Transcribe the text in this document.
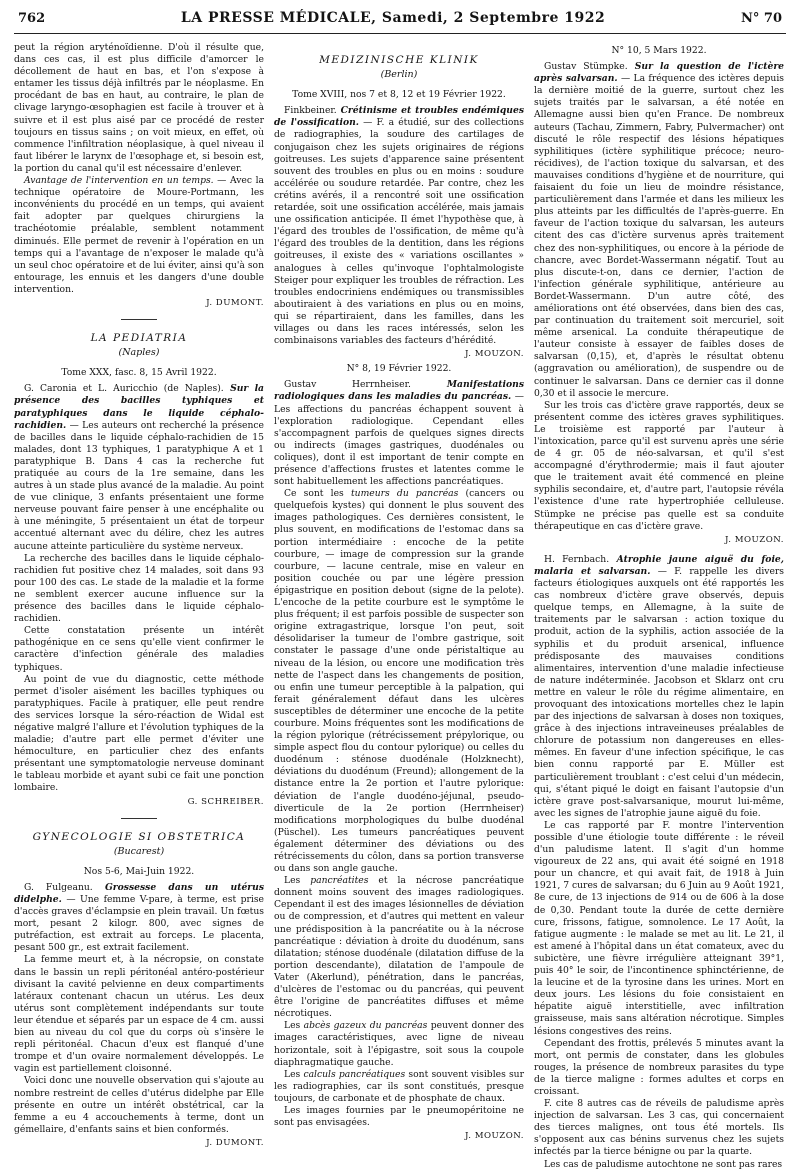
762	LA PRESSE MÉDICALE, Samedi, 2 Septembre 1922	N° 70

peut la région aryténoïdienne. D'où il résulte que, dans ces cas, il est plus difficile d'amorcer le décollement de haut en bas, et l'on s'expose à entamer les tissus déjà infiltrés par le néoplasme. En procédant de bas en haut, au contraire, le plan de clivage laryngo-œsophagien est facile à trouver et à suivre et il est plus aisé par ce procédé de rester toujours en tissus sains ; on voit mieux, en effet, où commence l'infiltration néoplasique, à quel niveau il faut libérer le larynx de l'œsophage et, si besoin est, la portion du canal qu'il est nécessaire d'enlever.

Avantage de l'intervention en un temps. — Avec la technique opératoire de Moure-Portmann, les inconvénients du procédé en un temps, qui avaient fait adopter par quelques chirurgiens la trachéotomie préalable, semblent notamment diminués. Elle permet de revenir à l'opération en un temps qui a l'avantage de n'exposer le malade qu'à un seul choc opératoire et de lui éviter, ainsi qu'à son entourage, les ennuis et les dangers d'une double intervention.

J. DUMONT.
LA PEDIATRIA
(Naples)
Tome XXX, fasc. 8, 15 Avril 1922.

G. Caronia et L. Auricchio (de Naples). Sur la présence des bacilles typhiques et paratyphiques dans le liquide céphalo-rachidien. — Les auteurs ont recherché la présence de bacilles dans le liquide céphalo-rachidien de 15 malades, dont 13 typhiques, 1 paratyphique A et 1 paratyphique B. Dans 4 cas la recherche fut pratiquée au cours de la 1re semaine, dans les autres à un stade plus avancé de la maladie. Au point de vue clinique, 3 enfants présentaient une forme nerveuse pouvant faire penser à une encéphalite ou à une méningite, 5 présentaient un état de torpeur accentué alternant avec du délire, chez les autres aucune atteinte particulière du système nerveux.

La recherche des bacilles dans le liquide céphalo-rachidien fut positive chez 14 malades, soit dans 93 pour 100 des cas. Le stade de la maladie et la forme ne semblent exercer aucune influence sur la présence des bacilles dans le liquide céphalo-rachidien.

Cette constatation présente un intérêt pathogénique en ce sens qu'elle vient confirmer le caractère d'infection générale des maladies typhiques.

Au point de vue du diagnostic, cette méthode permet d'isoler aisément les bacilles typhiques ou paratyphiques. Facile à pratiquer, elle peut rendre des services lorsque la séro-réaction de Widal est négative malgré l'allure et l'évolution typhiques de la maladie; d'autre part elle permet d'éviter une hémoculture, en particulier chez des enfants présentant une symptomatologie nerveuse dominant le tableau morbide et ayant subi ce fait une ponction lombaire.

G. SCHREIBER.
GYNECOLOGIE SI OBSTETRICA
(Bucarest)
Nos 5-6, Mai-Juin 1922.

G. Fulgeanu. Grossesse dans un utérus didelphe. — Une femme V-pare, à terme, est prise d'accès graves d'éclampsie en plein travail. Un fœtus mort, pesant 2 kilogr. 800, avec signes de putréfaction, est extrait au forceps. Le placenta, pesant 500 gr., est extrait facilement.

La femme meurt et, à la nécropsie, on constate dans le bassin un repli péritonéal antéro-postérieur divisant la cavité pelvienne en deux compartiments latéraux contenant chacun un utérus. Les deux utérus sont complètement indépendants sur toute leur étendue et séparés par un espace de 4 cm. aussi bien au niveau du col que du corps où s'insère le repli péritonéal. Chacun d'eux est flanqué d'une trompe et d'un ovaire normalement développés. Le vagin est partiellement cloisonné.

Voici donc une nouvelle observation qui s'ajoute au nombre restreint de celles d'utérus didelphe par Elle présente en outre un intérêt obstétrical, car la femme a eu 4 accouchements à terme, dont un gémellaire, d'enfants sains et bien conformés.

J. DUMONT.
MEDIZINISCHE KLINIK
(Berlin)
Tome XVIII, nos 7 et 8, 12 et 19 Février 1922.

Finkbeiner. Crétinisme et troubles endémiques de l'ossification. — F. a étudié, sur des collections de radiographies, la soudure des cartilages de conjugaison chez les sujets originaires de régions goitreuses. Les sujets d'apparence saine présentent souvent des troubles en plus ou en moins : soudure accélérée ou soudure retardée. Par contre, chez les crétins avérés, il a rencontré soit une ossification retardée, soit une ossification accélérée, mais jamais une ossification anticipée. Il émet l'hypothèse que, à l'égard des troubles de l'ossification, de même qu'à l'égard des troubles de la dentition, dans les régions goitreuses, il existe des « variations oscillantes » analogues à celles qu'invoque l'ophtalmologiste Steiger pour expliquer les troubles de réfraction. Les troubles endocriniens endémiques ou transmissibles aboutiraient à des variations en plus ou en moins, qui se répartiraient, dans les familles, dans les villages ou dans les races intéressés, selon les combinaisons variables des facteurs d'hérédité.

J. MOUZON.
N° 8, 19 Février 1922.

Gustav Herrnheiser. Manifestations radiologiques dans les maladies du pancréas. — Les affections du pancréas échappent souvent à l'exploration radiologique. Cependant elles s'accompagnent parfois de quelques signes directs ou indirects (images gastriques, duodénales ou coliques), dont il est important de tenir compte en présence d'affections frustes et latentes comme le sont habituellement les affections pancréatiques.

Ce sont les tumeurs du pancréas (cancers ou quelquefois kystes) qui donnent le plus souvent des images pathologiques. Ces dernières consistent, le plus souvent, en modifications de l'estomac dans sa portion intermédiaire : encoche de la petite courbure, — image de compression sur la grande courbure, — lacune centrale, mise en valeur en position couchée ou par une légère pression épigastrique en position debout (signe de la pelote). L'encoche de la petite courbure est le symptôme le plus fréquent; il est parfois possible de suspecter son origine extragastrique, lorsque l'on peut, soit désolidariser la tumeur de l'ombre gastrique, soit constater le passage d'une onde péristaltique au niveau de la lésion, ou encore une modification très nette de l'aspect dans les changements de position, ou enfin une tumeur perceptible à la palpation, qui ferait généralement défaut dans les ulcères susceptibles de déterminer une encoche de la petite courbure. Moins fréquentes sont les modifications de la région pylorique (rétrécissement prépylorique, ou simple aspect flou du contour pylorique) ou celles du duodénum : sténose duodénale (Holzknecht), déviations du duodénum (Freund); allongement de la distance entre la 2e portion et l'autre pylorique: déviation de l'angle duodéno-jéjunal, pseudo-diverticule de la 2e portion (Herrnheiser) modifications morphologiques du bulbe duodénal (Püschel). Les tumeurs pancréatiques peuvent également déterminer des déviations ou des rétrécissements du côlon, dans sa portion transverse ou dans son angle gauche.

Les pancréatites et la nécrose pancréatique donnent moins souvent des images radiologiques. Cependant il est des images lésionnelles de déviation ou de compression, et d'autres qui mettent en valeur une prédisposition à la pancréatite ou à la nécrose pancréatique : déviation à droite du duodénum, sans dilatation; sténose duodénale (dilatation diffuse de la portion descendante), dilatation de l'ampoule de Vater (Akerlund), pénétration, dans le pancréas, d'ulcères de l'estomac ou du pancréas, qui peuvent être l'origine de pancréatites diffuses et même nécrotiques.

Les abcès gazeux du pancréas peuvent donner des images caractéristiques, avec ligne de niveau horizontale, soit à l'épigastre, soit sous la coupole diaphragmatique gauche.

Les calculs pancréatiques sont souvent visibles sur les radiographies, car ils sont constitués, presque toujours, de carbonate et de phosphate de chaux.

Les images fournies par le pneumopéritoine ne sont pas envisagées.

J. MOUZON.
N° 10, 5 Mars 1922.

Gustav Stümpke. Sur la question de l'ictère après salvarsan. — La fréquence des ictères depuis la dernière moitié de la guerre, surtout chez les sujets traités par le salvarsan, a été notée en Allemagne aussi bien qu'en France. De nombreux auteurs (Tachau, Zimmern, Fabry, Pulvermacher) ont discuté le rôle respectif des lésions hépatiques syphilitiques (ictère syphilitique précoce; neuro-récidives), de l'action toxique du salvarsan, et des mauvaises conditions d'hygiène et de nourriture, qui faisaient du foie un lieu de moindre résistance, particulièrement dans l'armée et dans les milieux les plus atteints par les difficultés de l'après-guerre. En faveur de l'action toxique du salvarsan, les auteurs citent des cas d'ictère survenus après traitement chez des non-syphilitiques, ou encore à la période de chancre, avec Bordet-Wassermann négatif. Tout au plus discute-t-on, dans ce dernier, l'action de l'infection générale syphilitique, antérieure au Bordet-Wassermann. D'un autre côté, des améliorations ont été observées, dans bien des cas, par continuation du traitement soit mercuriel, soit même arsenical. La conduite thérapeutique de l'auteur consiste à essayer de faibles doses de salvarsan (0,15), et, d'après le résultat obtenu (aggravation ou amélioration), de suspendre ou de continuer le salvarsan. Dans ce dernier cas il donne 0,30 et il associe le mercure.

Sur les trois cas d'ictère grave rapportés, deux se présentent comme des ictères graves syphilitiques. Le troisième est rapporté par l'auteur à l'intoxication, parce qu'il est survenu après une série de 4 gr. 05 de néo-salvarsan, et qu'il s'est accompagné d'érythrodermie; mais il faut ajouter que le traitement avait été commencé en pleine syphilis secondaire, et, d'autre part, l'autopsie révéla l'existence d'une rate hypertrophiée celluleuse. Stümpke ne précise pas quelle est sa conduite thérapeutique en cas d'ictère grave.

J. MOUZON.

H. Fernbach. Atrophie jaune aiguë du foie, malaria et salvarsan. — F. rappelle les divers facteurs étiologiques auxquels ont été rapportés les cas nombreux d'ictère grave observés, depuis quelque temps, en Allemagne, à la suite de traitements par le salvarsan : action toxique du produit, action de la syphilis, action associée de la syphilis et du produit arsenical, influence prédisposante des mauvaises conditions alimentaires, intervention d'une maladie infectieuse de nature indéterminée. Jacobson et Sklarz ont cru mettre en valeur le rôle du régime alimentaire, en provoquant des intoxications mortelles chez le lapin par des injections de salvarsan à doses non toxiques, grâce à des injections intraveineuses préalables de chlorure de potassium non dangereuses en elles-mêmes. En faveur d'une infection spécifique, le cas bien connu rapporté par E. Müller est particulièrement troublant : c'est celui d'un médecin, qui, s'étant piqué le doigt en faisant l'autopsie d'un ictère grave post-salvarsanique, mourut lui-même, avec les signes de l'atrophie jaune aiguë du foie.

Le cas rapporté par F. montre l'intervention possible d'une étiologie toute différente : le réveil d'un paludisme latent. Il s'agit d'un homme vigoureux de 22 ans, qui avait été soigné en 1918 pour un chancre, et qui avait fait, de 1918 à Juin 1921, 7 cures de salvarsan; du 6 Juin au 9 Août 1921, 8e cure, de 13 injections de 914 ou de 606 à la dose de 0,30. Pendant toute la durée de cette dernière cure, frissons, fatigue, somnolence. Le 17 Août, la fatigue augmente : le malade se met au lit. Le 21, il est amené à l'hôpital dans un état comateux, avec du subictère, une fièvre irrégulière atteignant 39°1, puis 40° le soir, de l'incontinence sphinctérienne, de la leucine et de la tyrosine dans les urines. Mort en deux jours. Les lésions du foie consistaient en hépatite aiguë interstitielle, avec infiltration graisseuse, mais sans altération nécrotique. Simples lésions congestives des reins.

Cependant des frottis, prélevés 5 minutes avant la mort, ont permis de constater, dans les globules rouges, la présence de nombreux parasites du type de la tierce maligne : formes adultes et corps en croissant.

F. cite 8 autres cas de réveils de paludisme après injection de salvarsan. Les 3 cas, qui concernaient des tierces malignes, ont tous été mortels. Ils s'opposent aux cas bénins survenus chez les sujets infectés par la tierce bénigne ou par la quarte.

Les cas de paludisme autochtone ne sont pas rares
